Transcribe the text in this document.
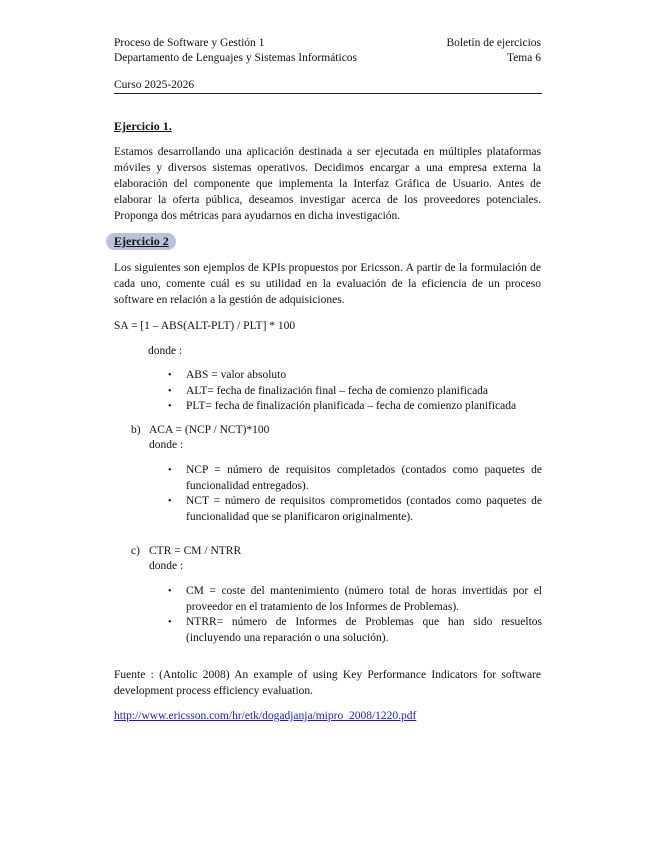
Proceso de Software y Gestión 1
Departamento de Lenguajes y Sistemas Informáticos
Boletín de ejercicios
Tema 6
Curso 2025-2026
Ejercicio 1.
Estamos desarrollando una aplicación destinada a ser ejecutada en múltiples plataformas móviles y diversos sistemas operativos. Decidimos encargar a una empresa externa la elaboración del componente que implementa la Interfaz Gráfica de Usuario. Antes de elaborar la oferta pública, deseamos investigar acerca de los proveedores potenciales. Proponga dos métricas para ayudarnos en dicha investigación.
Ejercicio 2
Los siguientes son ejemplos de KPIs propuestos por Ericsson. A partir de la formulación de cada uno, comente cuál es su utilidad en la evaluación de la eficiencia de un proceso software en relación a la gestión de adquisiciones.
SA = [1 – ABS(ALT-PLT) / PLT] * 100
donde :
• ABS = valor absoluto
• ALT= fecha de finalización final – fecha de comienzo planificada
• PLT= fecha de finalización planificada – fecha de comienzo planificada
b) ACA = (NCP / NCT)*100
donde :
• NCP = número de requisitos completados (contados como paquetes de funcionalidad entregados).
• NCT = número de requisitos comprometidos (contados como paquetes de funcionalidad que se planificaron originalmente).
c) CTR = CM / NTRR
donde :
• CM = coste del mantenimiento (número total de horas invertidas por el proveedor en el tratamiento de los Informes de Problemas).
• NTRR= número de Informes de Problemas que han sido resueltos (incluyendo una reparación o una solución).
Fuente : (Antolic 2008) An example of using Key Performance Indicators for software development process efficiency evaluation.
http://www.ericsson.com/hr/etk/dogadjanja/mipro_2008/1220.pdf
